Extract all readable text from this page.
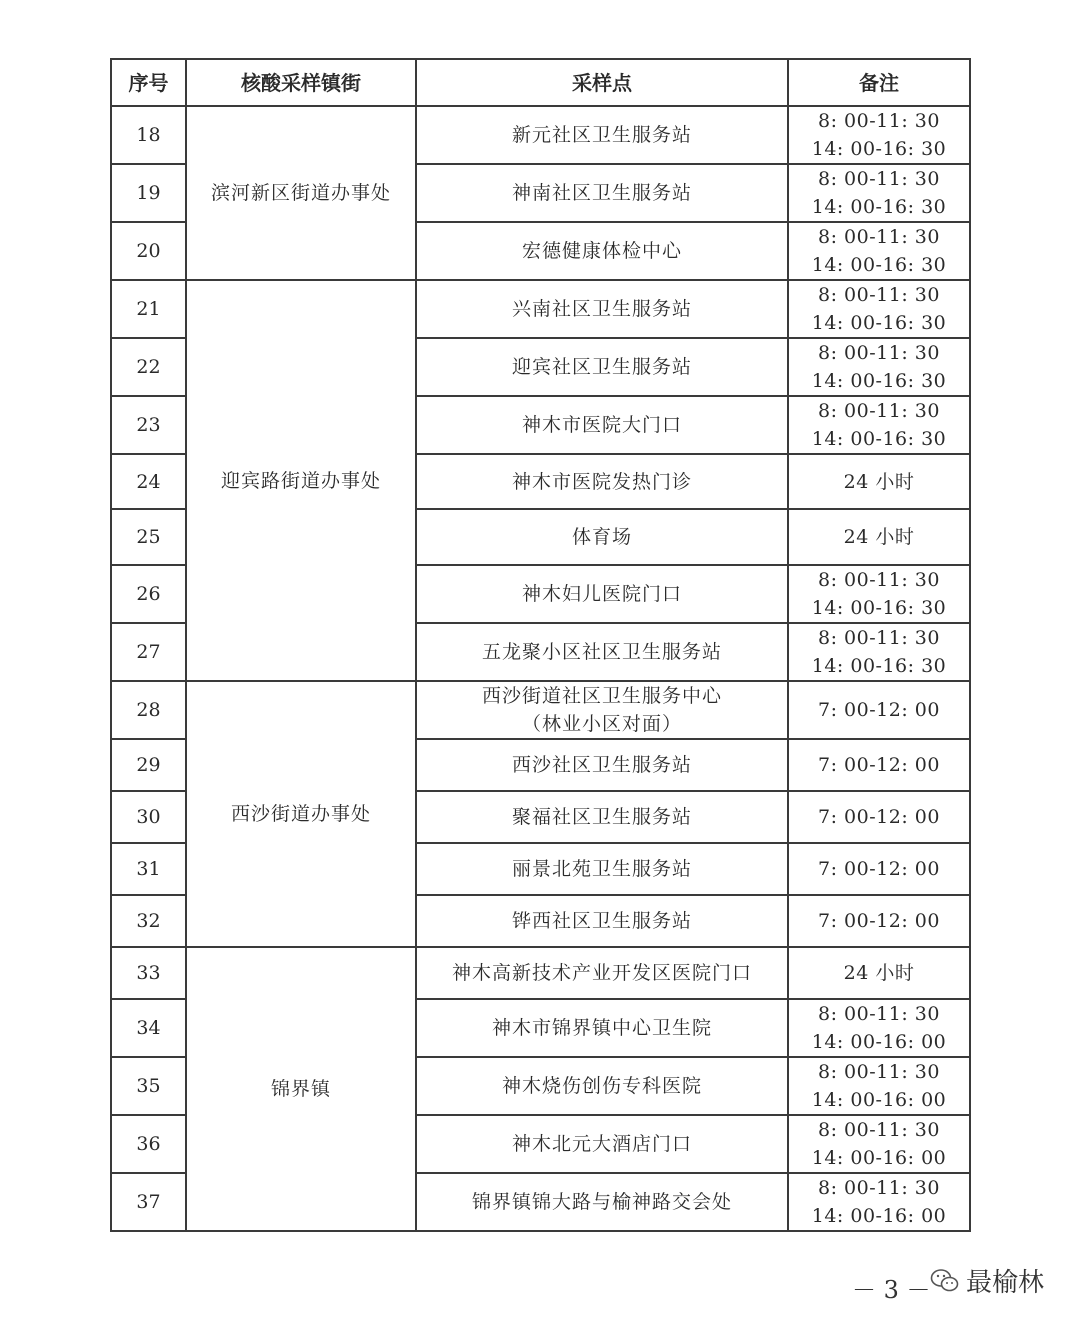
序号	核酸采样镇街	采样点	备注
18	滨河新区街道办事处	新元社区卫生服务站	8: 00-11: 30
14: 00-16: 30

19		神南社区卫生服务站	8: 00-11: 30
14: 00-16: 30

20		宏德健康体检中心	8: 00-11: 30
14: 00-16: 30

21	迎宾路街道办事处	兴南社区卫生服务站	8: 00-11: 30
14: 00-16: 30

22		迎宾社区卫生服务站	8: 00-11: 30
14: 00-16: 30

23		神木市医院大门口	8: 00-11: 30
14: 00-16: 30

24		神木市医院发热门诊	24 小时

25		体育场	24 小时

26		神木妇儿医院门口	8: 00-11: 30
14: 00-16: 30

27		五龙聚小区社区卫生服务站	8: 00-11: 30
14: 00-16: 30

28	西沙街道办事处	西沙街道社区卫生服务中心
（林业小区对面）	7: 00-12: 00

29		西沙社区卫生服务站	7: 00-12: 00

30		聚福社区卫生服务站	7: 00-12: 00

31		丽景北苑卫生服务站	7: 00-12: 00

32		铧西社区卫生服务站	7: 00-12: 00

33	锦界镇	神木高新技术产业开发区医院门口	24 小时

34		神木市锦界镇中心卫生院	8: 00-11: 30
14: 00-16: 00

35		神木烧伤创伤专科医院	8: 00-11: 30
14: 00-16: 00

36		神木北元大酒店门口	8: 00-11: 30
14: 00-16: 00

37		锦界镇锦大路与榆神路交会处	8: 00-11: 30
14: 00-16: 00
－ 3 － 最榆林
